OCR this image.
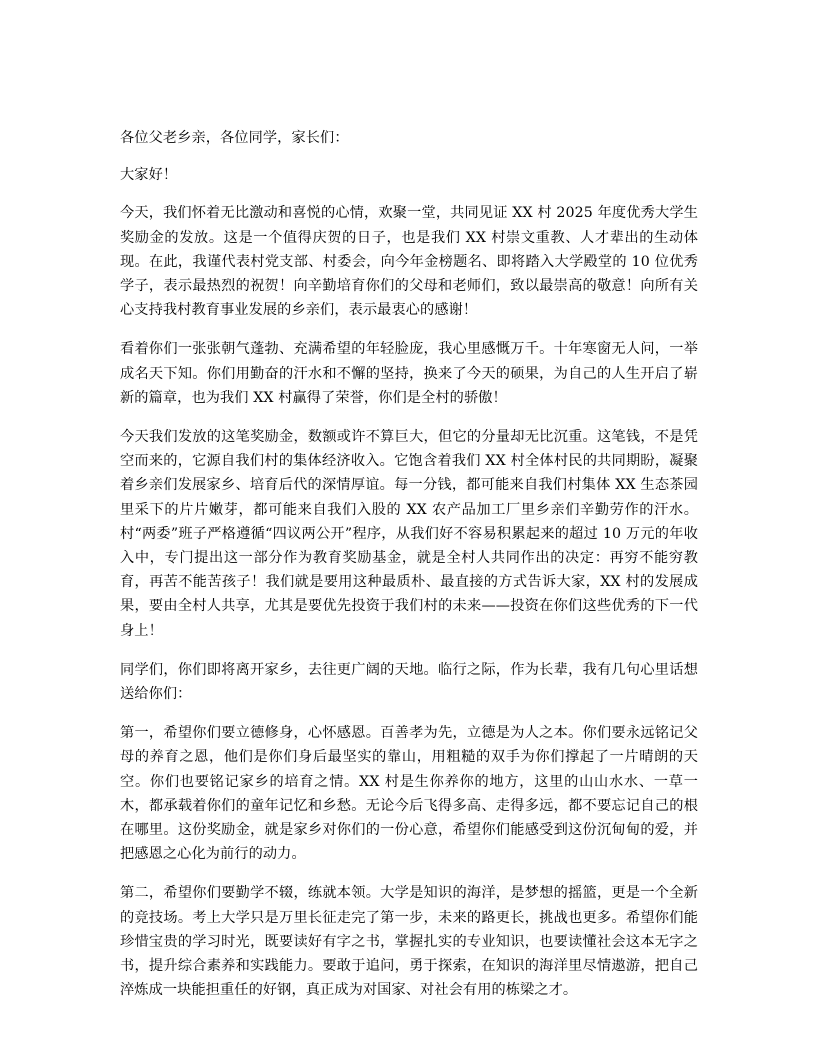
各位父老乡亲，各位同学，家长们：

大家好！

今天，我们怀着无比激动和喜悦的心情，欢聚一堂，共同见证 XX 村 2025 年度优秀大学生奖励金的发放。这是一个值得庆贺的日子，也是我们 XX 村崇文重教、人才辈出的生动体现。在此，我谨代表村党支部、村委会，向今年金榜题名、即将踏入大学殿堂的 10 位优秀学子，表示最热烈的祝贺！向辛勤培育你们的父母和老师们，致以最崇高的敬意！向所有关心支持我村教育事业发展的乡亲们，表示最衷心的感谢！

看着你们一张张朝气蓬勃、充满希望的年轻脸庞，我心里感慨万千。十年寒窗无人问，一举成名天下知。你们用勤奋的汗水和不懈的坚持，换来了今天的硕果，为自己的人生开启了崭新的篇章，也为我们 XX 村赢得了荣誉，你们是全村的骄傲！

今天我们发放的这笔奖励金，数额或许不算巨大，但它的分量却无比沉重。这笔钱，不是凭空而来的，它源自我们村的集体经济收入。它饱含着我们 XX 村全体村民的共同期盼，凝聚着乡亲们发展家乡、培育后代的深情厚谊。每一分钱，都可能来自我们村集体 XX 生态茶园里采下的片片嫩芽，都可能来自我们入股的 XX 农产品加工厂里乡亲们辛勤劳作的汗水。村“两委”班子严格遵循“四议两公开”程序，从我们好不容易积累起来的超过 10 万元的年收入中，专门提出这一部分作为教育奖励基金，就是全村人共同作出的决定：再穷不能穷教育，再苦不能苦孩子！我们就是要用这种最质朴、最直接的方式告诉大家，XX 村的发展成果，要由全村人共享，尤其是要优先投资于我们村的未来——投资在你们这些优秀的下一代身上！

同学们，你们即将离开家乡，去往更广阔的天地。临行之际，作为长辈，我有几句心里话想送给你们：

第一，希望你们要立德修身，心怀感恩。百善孝为先，立德是为人之本。你们要永远铭记父母的养育之恩，他们是你们身后最坚实的靠山，用粗糙的双手为你们撑起了一片晴朗的天空。你们也要铭记家乡的培育之情。XX 村是生你养你的地方，这里的山山水水、一草一木，都承载着你们的童年记忆和乡愁。无论今后飞得多高、走得多远，都不要忘记自己的根在哪里。这份奖励金，就是家乡对你们的一份心意，希望你们能感受到这份沉甸甸的爱，并把感恩之心化为前行的动力。

第二，希望你们要勤学不辍，练就本领。大学是知识的海洋，是梦想的摇篮，更是一个全新的竞技场。考上大学只是万里长征走完了第一步，未来的路更长，挑战也更多。希望你们能珍惜宝贵的学习时光，既要读好有字之书，掌握扎实的专业知识，也要读懂社会这本无字之书，提升综合素养和实践能力。要敢于追问，勇于探索，在知识的海洋里尽情遨游，把自己淬炼成一块能担重任的好钢，真正成为对国家、对社会有用的栋梁之才。
